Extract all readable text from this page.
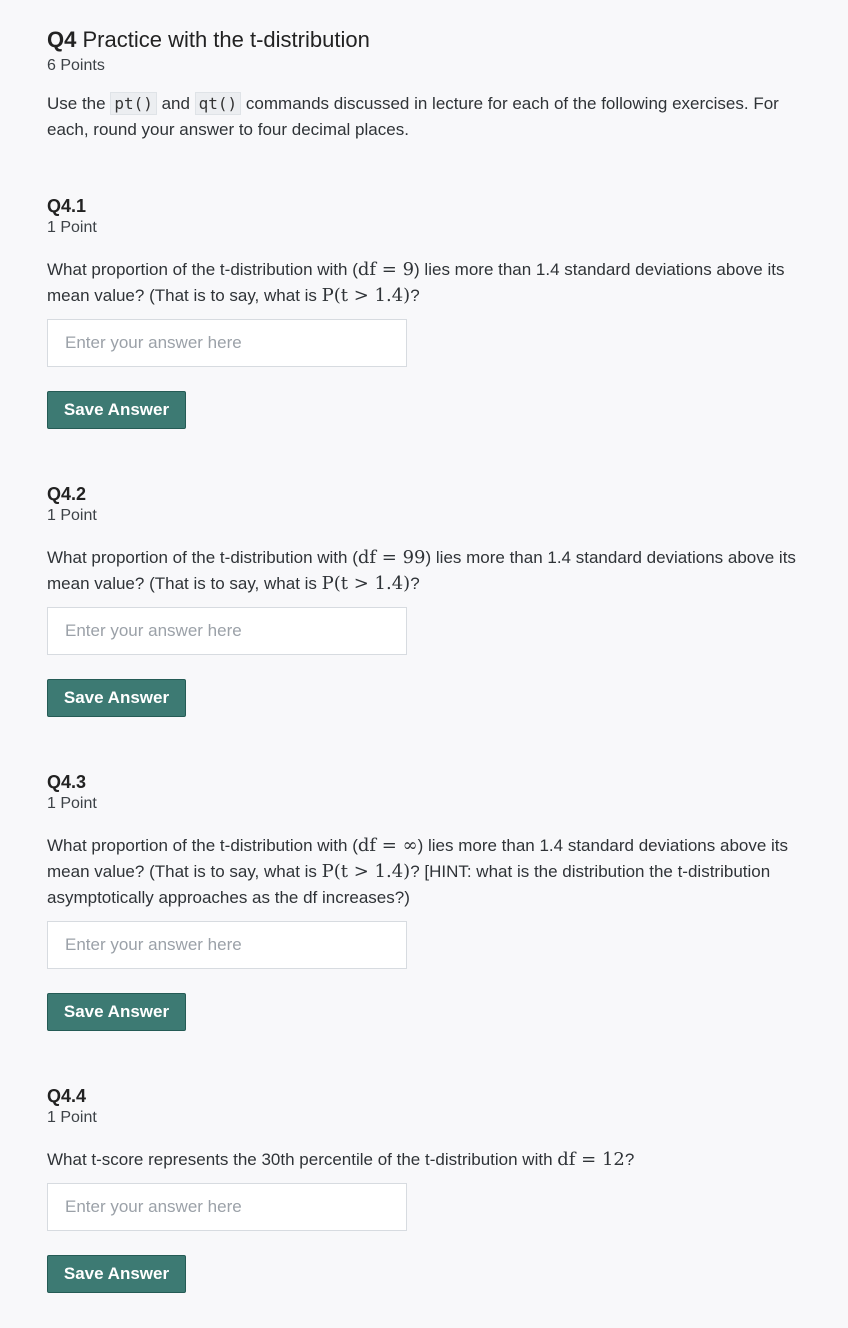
Q4 Practice with the t-distribution
6 Points
Use the pt() and qt() commands discussed in lecture for each of the following exercises. For each, round your answer to four decimal places.
Q4.1
1 Point
What proportion of the t-distribution with (df = 9) lies more than 1.4 standard deviations above its mean value? (That is to say, what is P(t > 1.4)?
Enter your answer here
Save Answer
Q4.2
1 Point
What proportion of the t-distribution with (df = 99) lies more than 1.4 standard deviations above its mean value? (That is to say, what is P(t > 1.4)?
Enter your answer here
Save Answer
Q4.3
1 Point
What proportion of the t-distribution with (df = ∞) lies more than 1.4 standard deviations above its mean value? (That is to say, what is P(t > 1.4)? [HINT: what is the distribution the t-distribution asymptotically approaches as the df increases?)
Enter your answer here
Save Answer
Q4.4
1 Point
What t-score represents the 30th percentile of the t-distribution with df = 12?
Enter your answer here
Save Answer
